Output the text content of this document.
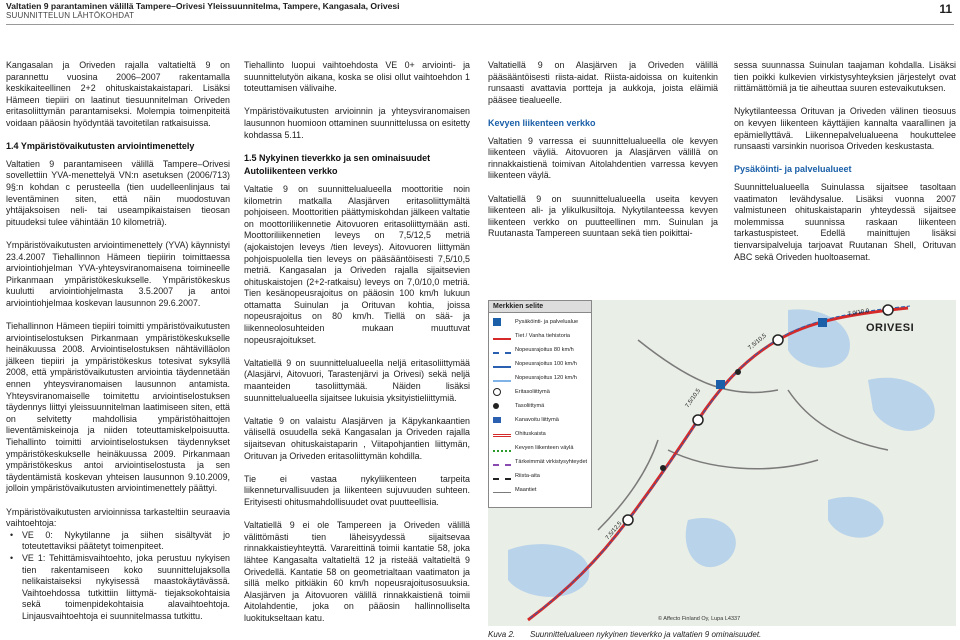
Valtatien 9 parantaminen välillä Tampere–Orivesi Yleissuunnitelma, Tampere, Kangasala, Orivesi
SUUNNITTELUN LÄHTÖKOHDAT	11

Kangasalan ja Oriveden rajalla valtatieltä 9 on parannettu vuosina 2006–2007 rakentamalla keskikaiteellinen 2+2 ohituskaistakaistapari. Lisäksi Hämeen tiepiiri on laatinut tiesuunnitelman Oriveden eritasoliittymän parantamiseksi. Molempia toimenpiteitä voidaan pääosin hyödyntää tavoitetilan ratkaisuissa.

1.4 Ympäristövaikutusten arviointimenettely

Valtatien 9 parantamiseen välillä Tampere–Orivesi sovellettiin YVA-menettelyä VN:n asetuksen (2006/713) 9§:n kohdan c perusteella (tien uudelleenlinjaus tai leventäminen siten, että näin muodostuvan yhtäjaksoisen neli- tai useampikaistaisen tieosan pituudeksi tulee vähintään 10 kilometriä).

Ympäristövaikutusten arviointimenettely (YVA) käynnistyi 23.4.2007 Tiehallinnon Hämeen tiepiirin toimittaessa arviointiohjelman YVA-yhteysviranomaisena toimineelle Pirkanmaan ympäristökeskukselle. Ympäristökeskus kuulutti arviointiohjelmasta 3.5.2007 ja antoi arviointiohjelmaa koskevan lausunnon 29.6.2007.

Tiehallinnon Hämeen tiepiiri toimitti ympäristövaikutusten arviointiselostuksen Pirkanmaan ympäristökeskukselle heinäkuussa 2008. Arviointiselostuksen nähtävilläolon jälkeen tiepiiri ja ympäristökeskus totesivat syksyllä 2008, että ympäristövaikutusten arviointia täydennetään ennen yhteysviranomaisen lausunnon antamista. Yhteysviranomaiselle toimitettu arviointiselostuksen täydennys liittyi yleissuunnitelman laatimiseen siten, että on selvitetty mahdollisia ympäristöhaittojen lieventämiskeinoja ja niiden toteuttamiskelpoisuutta. Tiehallinto toimitti arviointiselostuksen täydennykset ympäristökeskukselle heinäkuussa 2009. Pirkanmaan ympäristökeskus antoi arviointiselostusta ja sen täydentämistä koskevan yhteisen lausunnon 9.10.2009, jolloin ympäristövaikutusten arviointimenettely päättyi.

Ympäristövaikutusten arvioinnissa tarkasteltiin seuraavia vaihtoehtoja:

• VE 0: Nykytilanne ja siihen sisältyvät jo toteutettaviksi päätetyt toimenpiteet.
• VE 1: Tehittämisvaihtoehto, joka perustuu nykyisen tien rakentamiseen koko suunnittelujaksolla nelikaistaiseksi nykyisessä maastokäytävässä. Vaihtoehdossa tutkittiin liittymä- tiejaksokohtaisia sekä toimenpidekohtaisia alavaihtoehtoja. Linjausvaihtoehtoja ei suunnitelmassa tutkittu.

Tiehallinto luopui vaihtoehdosta VE 0+ arviointi- ja suunnittelutyön aikana, koska se olisi ollut vaihtoehdon 1 toteuttamisen välivaihe.

Ympäristövaikutusten arvioinnin ja yhteysviranomaisen lausunnon huomioon ottaminen suunnittelussa on esitetty kohdassa 5.11.

1.5 Nykyinen tieverkko ja sen ominaisuudet
Autoliikenteen verkko

Valtatie 9 on suunnittelualueella moottoritie noin kilometrin matkalla Alasjärven eritasoliittymältä pohjoiseen. Moottoritien päättymiskohdan jälkeen valtatie on moottoriliikennetie Aitovuoren eritasoliittymään asti. Moottoriliikennetien leveys on 7,5/12,5 metriä (ajokaistojen leveys /tien leveys). Aitovuoren liittymän pohjoispuolella tien leveys on pääsääntöisesti 7,5/10,5 metriä. Kangasalan ja Oriveden rajalla sijaitsevien ohituskaistojen (2+2-ratkaisu) leveys on 7,0/10,0 metriä. Tien kesänopeusrajoitus on pääosin 100 km/h lukuun ottamatta Suinulan ja Orituvan kohtia, joissa nopeusrajoitus on 80 km/h. Tiellä on sää- ja liikenneolosuhteiden mukaan muuttuvat nopeusrajoitukset.

Valtatiellä 9 on suunnittelualueella neljä eritasoliittymää (Alasjärvi, Aitovuori, Tarastenjärvi ja Orivesi) sekä neljä maanteiden tasoliittymää. Näiden lisäksi suunnittelualueella sijaitsee lukuisia yksityistieliittymiä.

Valtatie 9 on valaistu Alasjärven ja Käpykankaantien välisellä osuudella sekä Kangasalan ja Oriveden rajalla sijaitsevan ohituskaistaparin , Viitapohjantien liittymän, Orituvan ja Oriveden eritasoliittymän kohdilla.

Tie ei vastaa nykyliikenteen tarpeita liikenneturvallisuuden ja liikenteen sujuvuuden suhteen. Erityisesti ohitusmahdollisuudet ovat puutteellisia.

Valtatiellä 9 ei ole Tampereen ja Oriveden välillä välittömästi tien läheisyydessä sijaitsevaa rinnakkaistieyhteyttä. Varareittinä toimii kantatie 58, joka lähtee Kangasalta valtatieltä 12 ja risteää valtatieltä 9 Orivedellä. Kantatie 58 on geometrialtaan vaatimaton ja sillä melko pitkiäkin 60 km/h nopeusrajoitusosuuksia. Alasjärven ja Aitovuoren välillä rinnakkaistienä toimii Aitolahdentie, joka on pääosin hallinnolliselta luokitukseltaan katu.

Valtatiellä 9 on Alasjärven ja Oriveden välillä pääsääntöisesti riista-aidat. Riista-aidoissa on kuitenkin runsaasti avattavia portteja ja aukkoja, joista eläimiä pääsee tiealueelle.

Kevyen liikenteen verkko

Valtatien 9 varressa ei suunnittelualueella ole kevyen liikenteen väyliä. Aitovuoren ja Alasjärven välillä on rinnakkaistienä toimivan Aitolahdentien varressa kevyen liikenteen väylä.

Valtatiellä 9 on suunnittelualueella useita kevyen liikenteen ali- ja ylikulkusiltoja. Nykytilanteessa kevyen liikenteen verkko on puutteellinen mm. Suinulan ja Ruutanasta Tampereen suuntaan sekä tien poikittai-

sessa suunnassa Suinulan taajaman kohdalla. Lisäksi tien poikki kulkevien virkistysyhteyksien järjestelyt ovat riittämättömiä ja tie aiheuttaa suuren estevaikutuksen.

Nykytilanteessa Orituvan ja Oriveden välinen tieosuus on kevyen liikenteen käyttäjien kannalta vaarallinen ja epämiellyttävä. Liikennepalvelualueena houkuttelee runsaasti varsinkin nuorisoa Oriveden keskustasta.

Pysäköinti- ja palvelualueet

Suunnittelualueella Suinulassa sijaitsee tasoltaan vaatimaton levähdysalue. Lisäksi vuonna 2007 valmistuneen ohituskaistaparin yhteydessä sijaitsee molemmissa suunnissa raskaan liikenteen tarkastuspisteet. Edellä mainittujen lisäksi tienvarsipalveluja tarjoavat Ruutanan Shell, Orituvan ABC sekä Oriveden huoltoasemat.

7,5/10,5
7,5/10,5
7,5/12,5
7,0/10,0
ORIVESI
Merkkien selite
Pysäköinti- ja palvelualue
Tiet / Vanha tiehistoria
Nopeusrajoitus 80 km/h
Nopeusrajoitus 100 km/h
Nopeusrajoitus 120 km/h
Eritasoliittymä
Tasoliittymä
Kanavoitu liittymä
Ohituskaista
Kevyen liikenteen väylä
Tärkeimmät virkistysyhteydet
Riista-aita
Maantiet
© Affecto Finland Oy, Lupa L4337
Kuva 2. Suunnittelualueen nykyinen tieverkko ja valtatien 9 ominaisuudet.
